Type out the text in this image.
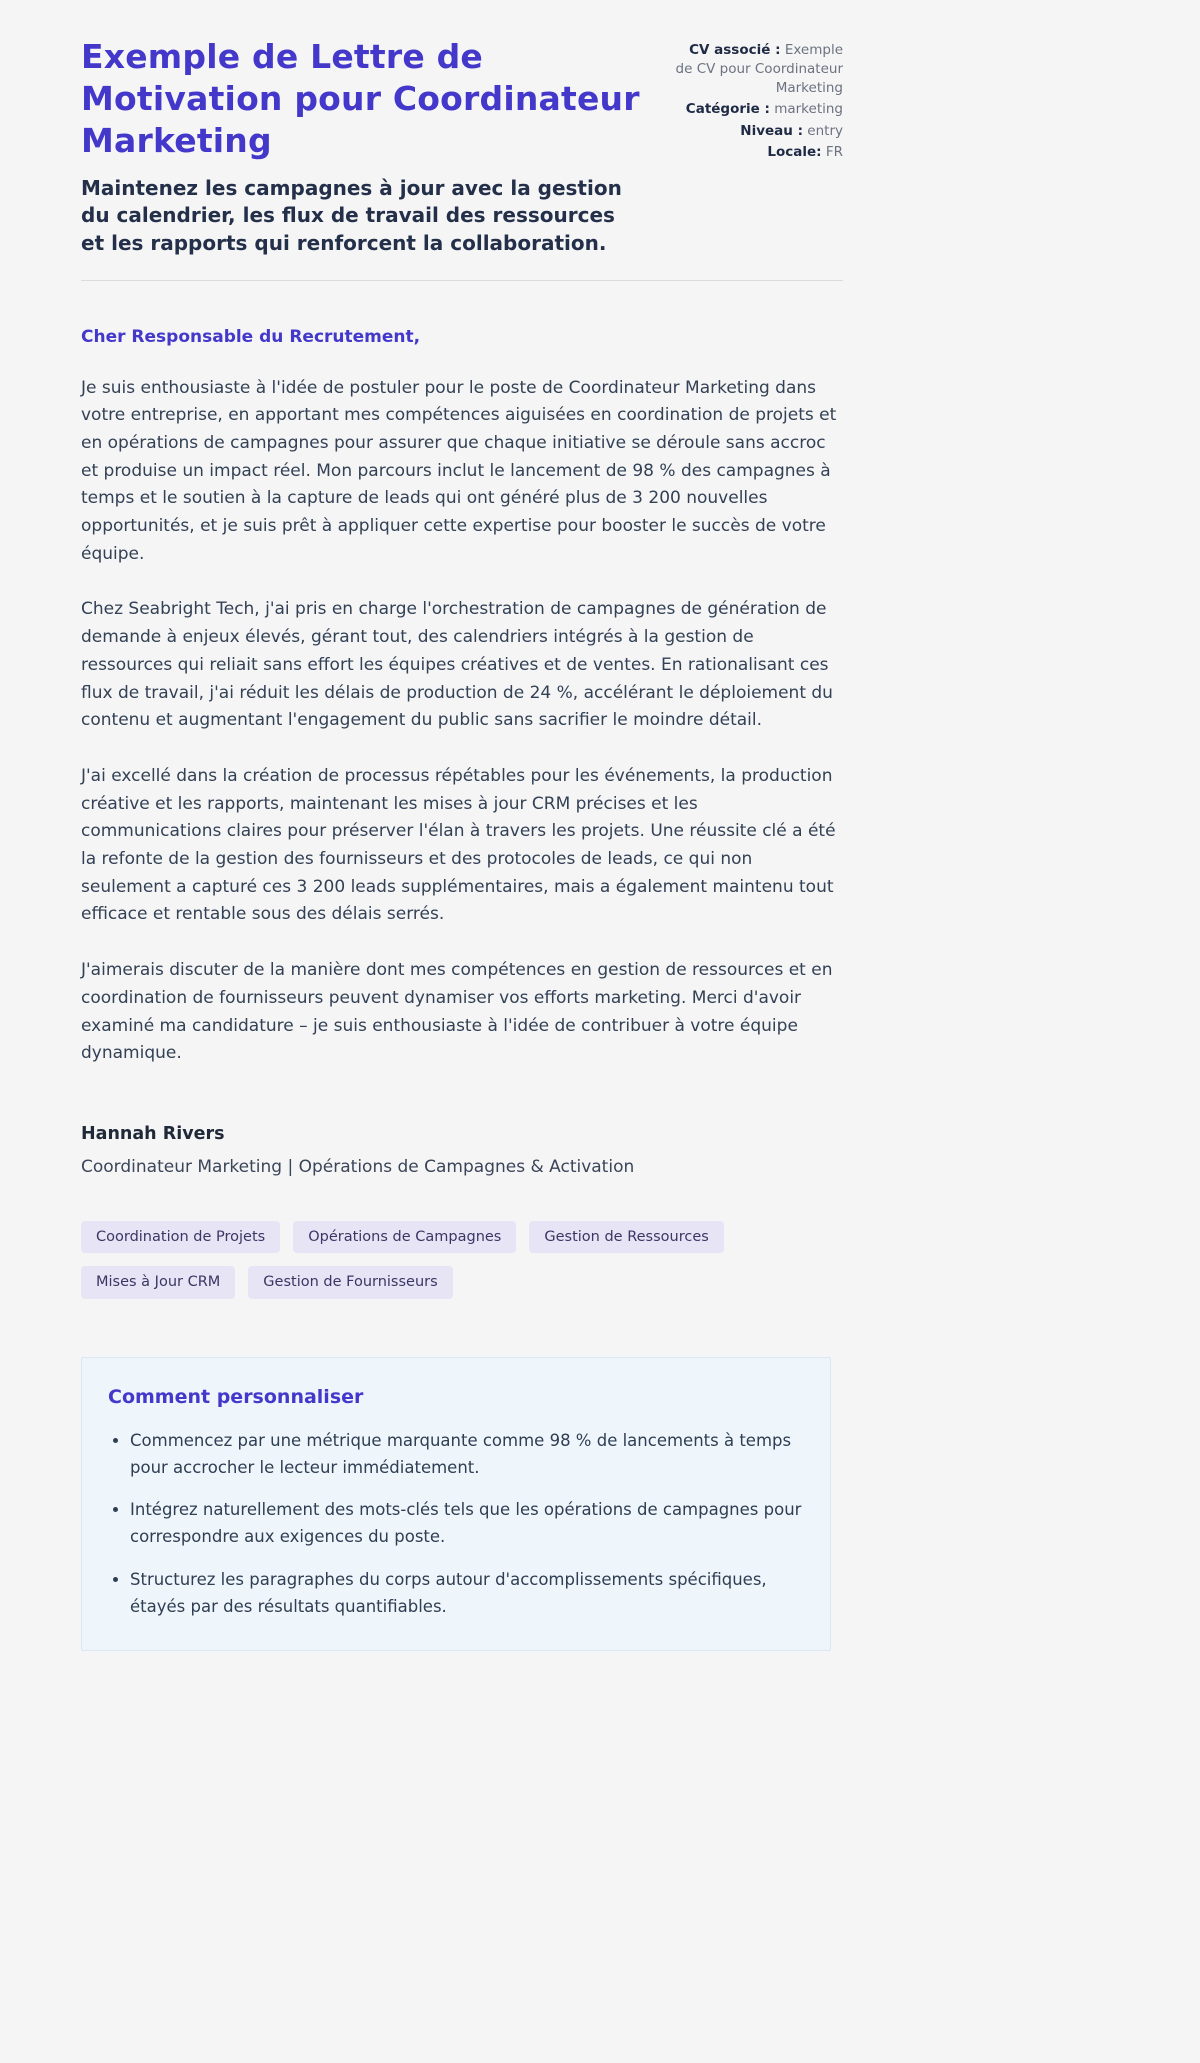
Exemple de Lettre de Motivation pour Coordinateur Marketing
Maintenez les campagnes à jour avec la gestion du calendrier, les flux de travail des ressources et les rapports qui renforcent la collaboration.
CV associé : Exemple de CV pour Coordinateur Marketing
Catégorie : marketing
Niveau : entry
Locale: FR
Cher Responsable du Recrutement,

Je suis enthousiaste à l'idée de postuler pour le poste de Coordinateur Marketing dans votre entreprise, en apportant mes compétences aiguisées en coordination de projets et en opérations de campagnes pour assurer que chaque initiative se déroule sans accroc et produise un impact réel. Mon parcours inclut le lancement de 98 % des campagnes à temps et le soutien à la capture de leads qui ont généré plus de 3 200 nouvelles opportunités, et je suis prêt à appliquer cette expertise pour booster le succès de votre équipe.

Chez Seabright Tech, j'ai pris en charge l'orchestration de campagnes de génération de demande à enjeux élevés, gérant tout, des calendriers intégrés à la gestion de ressources qui reliait sans effort les équipes créatives et de ventes. En rationalisant ces flux de travail, j'ai réduit les délais de production de 24 %, accélérant le déploiement du contenu et augmentant l'engagement du public sans sacrifier le moindre détail.

J'ai excellé dans la création de processus répétables pour les événements, la production créative et les rapports, maintenant les mises à jour CRM précises et les communications claires pour préserver l'élan à travers les projets. Une réussite clé a été la refonte de la gestion des fournisseurs et des protocoles de leads, ce qui non seulement a capturé ces 3 200 leads supplémentaires, mais a également maintenu tout efficace et rentable sous des délais serrés.

J'aimerais discuter de la manière dont mes compétences en gestion de ressources et en coordination de fournisseurs peuvent dynamiser vos efforts marketing. Merci d'avoir examiné ma candidature – je suis enthousiaste à l'idée de contribuer à votre équipe dynamique.

Hannah Rivers
Coordinateur Marketing | Opérations de Campagnes & Activation
Coordination de Projets	Opérations de Campagnes	Gestion de Ressources
Mises à Jour CRM	Gestion de Fournisseurs
Comment personnaliser
• Commencez par une métrique marquante comme 98 % de lancements à temps pour accrocher le lecteur immédiatement.
• Intégrez naturellement des mots-clés tels que les opérations de campagnes pour correspondre aux exigences du poste.
• Structurez les paragraphes du corps autour d'accomplissements spécifiques, étayés par des résultats quantifiables.
